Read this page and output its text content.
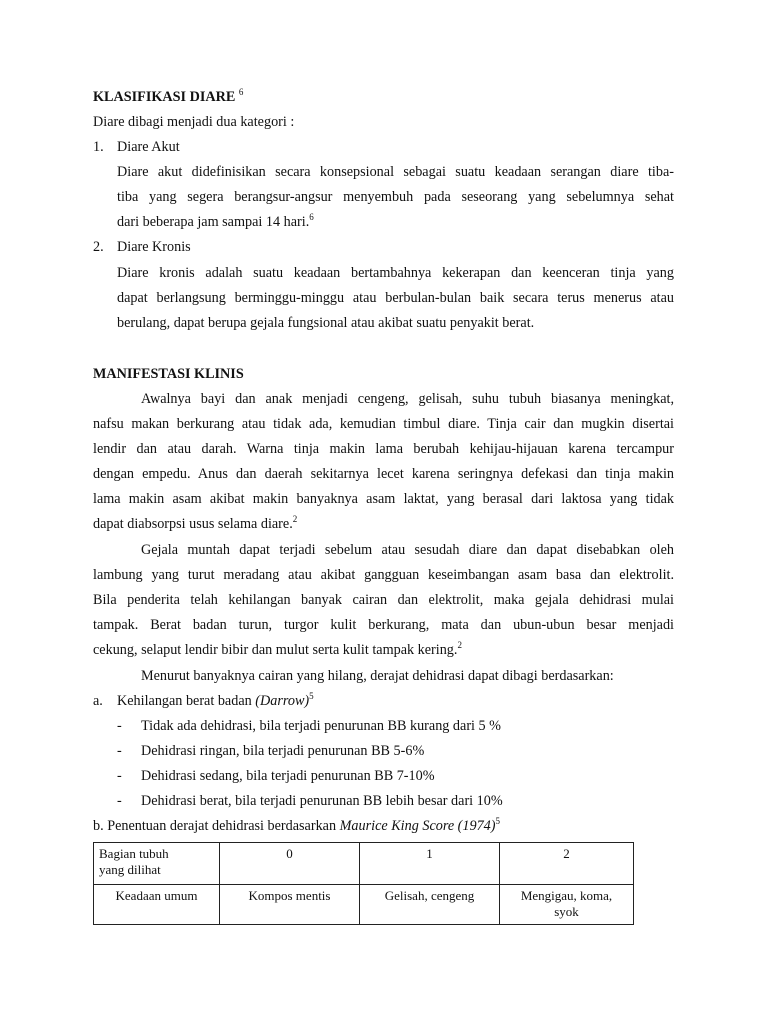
KLASIFIKASI DIARE $^6$
Diare dibagi menjadi dua kategori :
1. Diare Akut
Diare akut didefinisikan secara konsepsional sebagai suatu keadaan serangan diare tiba-
tiba yang segera berangsur-angsur menyembuh pada seseorang yang sebelumnya sehat
dari beberapa jam sampai 14 hari.$^6$
2. Diare Kronis
Diare kronis adalah suatu keadaan bertambahnya kekerapan dan keenceran tinja yang
dapat berlangsung berminggu-minggu atau berbulan-bulan baik secara terus menerus atau
berulang, dapat berupa gejala fungsional atau akibat suatu penyakit berat.
MANIFESTASI KLINIS
Awalnya bayi dan anak menjadi cengeng, gelisah, suhu tubuh biasanya meningkat,
nafsu makan berkurang atau tidak ada, kemudian timbul diare. Tinja cair dan mugkin disertai
lendir dan atau darah. Warna tinja makin lama berubah kehijau-hijauan karena tercampur
dengan empedu. Anus dan daerah sekitarnya lecet karena seringnya defekasi dan tinja makin
lama makin asam akibat makin banyaknya asam laktat, yang berasal dari laktosa yang tidak
dapat diabsorpsi usus selama diare.$^2$
Gejala muntah dapat terjadi sebelum atau sesudah diare dan dapat disebabkan oleh
lambung yang turut meradang atau akibat gangguan keseimbangan asam basa dan elektrolit.
Bila penderita telah kehilangan banyak cairan dan elektrolit, maka gejala dehidrasi mulai
tampak. Berat badan turun, turgor kulit berkurang, mata dan ubun-ubun besar menjadi
cekung, selaput lendir bibir dan mulut serta kulit tampak kering.$^2$
Menurut banyaknya cairan yang hilang, derajat dehidrasi dapat dibagi berdasarkan:
a. Kehilangan berat badan (Darrow)$^5$
- Tidak ada dehidrasi, bila terjadi penurunan BB kurang dari 5 %
- Dehidrasi ringan, bila terjadi penurunan BB 5-6%
- Dehidrasi sedang, bila terjadi penurunan BB 7-10%
- Dehidrasi berat, bila terjadi penurunan BB lebih besar dari 10%
b. Penentuan derajat dehidrasi berdasarkan Maurice King Score $(1974)^5$
Bagian tubuh
yang dilihat	0	1	2
Keadaan umum	Kompos mentis	Gelisah, cengeng	Mengigau, koma,
syok
